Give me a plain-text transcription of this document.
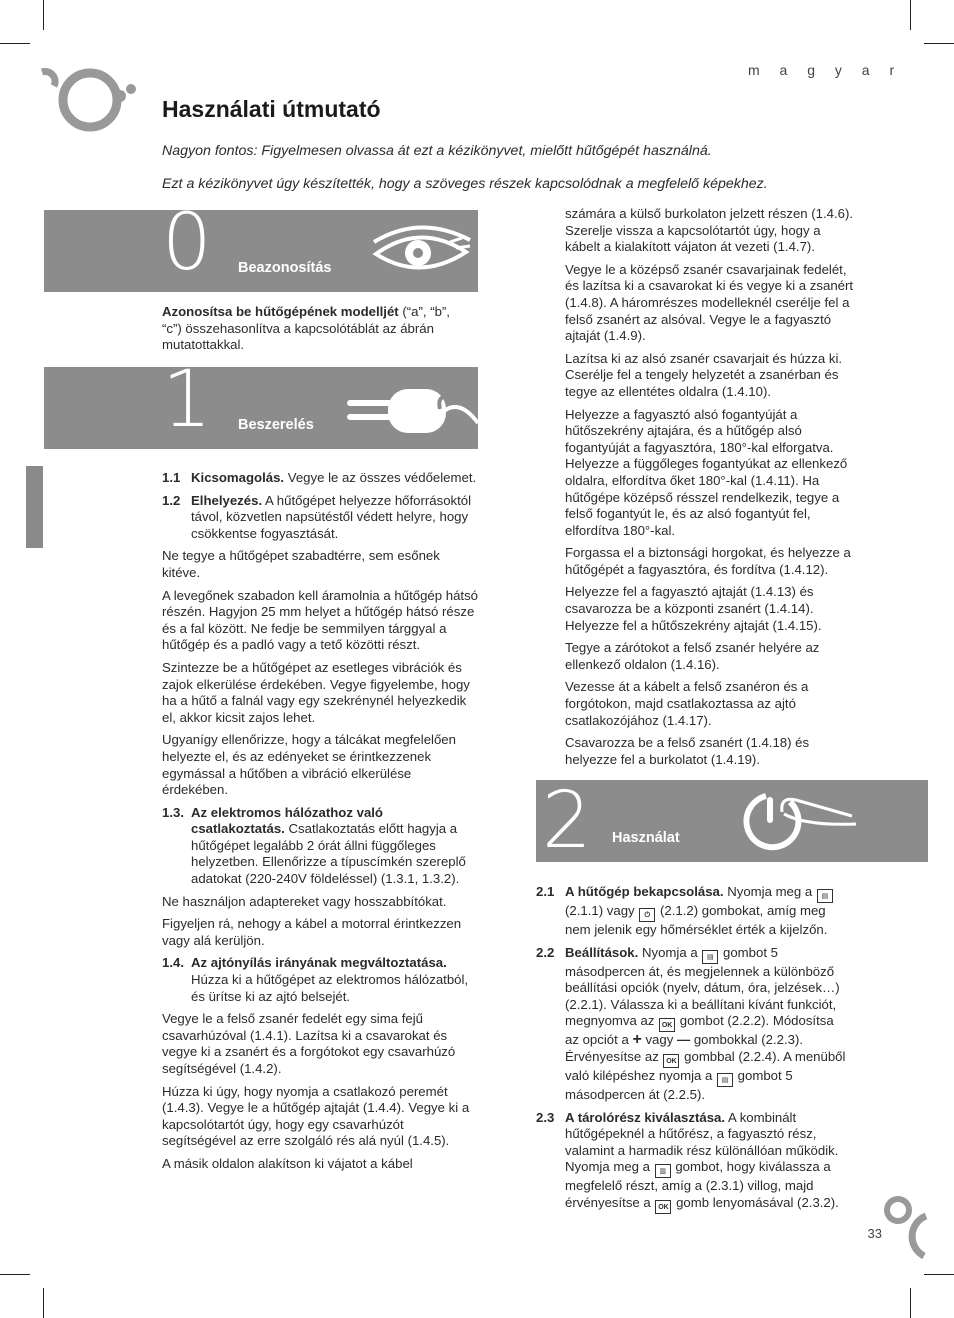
m a g y a r
Használati útmutató

Nagyon fontos: Figyelmesen olvassa át ezt a kézikönyvet, mielőtt hűtőgépét használná.

Ezt a kézikönyvet úgy készítették, hogy a szöveges részek kapcsolódnak a megfelelő képekhez.

0 Beazonosítás
1 Beszerelés
2 Használat

Azonosítsa be hűtőgépének modelljét (“a”, “b”, “c”) összehasonlítva a kapcsolótáblát az ábrán mutatottakkal.

1.1 Kicsomagolás. Vegye le az összes védőelemet.
1.2 Elhelyezés. A hűtőgépet helyezze hőforrásoktól távol, közvetlen napsütéstől védett helyre, hogy csökkentse fogyasztását.

Ne tegye a hűtőgépet szabadtérre, sem esőnek kitéve.

A levegőnek szabadon kell áramolnia a hűtőgép hátsó részén. Hagyjon 25 mm helyet a hűtőgép hátsó része és a fal között. Ne fedje be semmilyen tárggyal a hűtőgép és a padló vagy a tető közötti részt.

Szintezze be a hűtőgépet az esetleges vibrációk és zajok elkerülése érdekében. Vegye figyelembe, hogy ha a hűtő a falnál vagy egy szekrénynél helyezkedik el, akkor kicsit zajos lehet.

Ugyanígy ellenőrizze, hogy a tálcákat megfelelően helyezte el, és az edényeket se érintkezzenek egymással a hűtőben a vibráció elkerülése érdekében.

1.3. Az elektromos hálózathoz való csatlakoztatás. Csatlakoztatás előtt hagyja a hűtőgépet legalább 2 órát állni függőleges helyzetben. Ellenőrizze a típuscímkén szereplő adatokat (220-240V földeléssel) (1.3.1, 1.3.2).

Ne használjon adaptereket vagy hosszabbítókat.

Figyeljen rá, nehogy a kábel a motorral érintkezzen vagy alá kerüljön.

1.4. Az ajtónyílás irányának megváltoztatása. Húzza ki a hűtőgépet az elektromos hálózatból, és ürítse ki az ajtó belsejét.

Vegye le a felső zsanér fedelét egy sima fejű csavarhúzóval (1.4.1). Lazítsa ki a csavarokat és vegye ki a zsanért és a forgótokot egy csavarhúzó segítségével (1.4.2).

Húzza ki úgy, hogy nyomja a csatlakozó peremét (1.4.3). Vegye le a hűtőgép ajtaját (1.4.4). Vegye ki a kapcsolótartót úgy, hogy egy csavarhúzót segítségével az erre szolgáló rés alá nyúl (1.4.5).

A másik oldalon alakítson ki vájatot a kábel

számára a külső burkolaton jelzett részen (1.4.6). Szerelje vissza a kapcsolótartót úgy, hogy a kábelt a kialakított vájaton át vezeti (1.4.7).

Vegye le a középső zsanér csavarjainak fedelét, és lazítsa ki a csavarokat ki és vegye ki a zsanért (1.4.8). A háromrészes modelleknél cserélje fel a felső zsanért az alsóval. Vegye le a fagyasztó ajtaját (1.4.9).

Lazítsa ki az alsó zsanér csavarjait és húzza ki. Cserélje fel a tengely helyzetét a zsanérban és tegye az ellentétes oldalra (1.4.10).

Helyezze a fagyasztó alsó fogantyúját a hűtőszekrény ajtajára, és a hűtőgép alsó fogantyúját a fagyasztóra, 180°-kal elforgatva. Helyezze a függőleges fogantyúkat az ellenkező oldalra, elfordítva őket 180°-kal (1.4.11). Ha hűtőgépe középső résszel rendelkezik, tegye a felső fogantyút le, és az alsó fogantyút fel, elfordítva 180°-kal.

Forgassa el a biztonsági horgokat, és helyezze a hűtőgépét a fagyasztóra, és fordítva (1.4.12).

Helyezze fel a fagyasztó ajtaját (1.4.13) és csavarozza be a központi zsanért (1.4.14). Helyezze fel a hűtőszekrény ajtaját (1.4.15).

Tegye a zárótokot a felső zsanér helyére az ellenkező oldalon (1.4.16).

Vezesse át a kábelt a felső zsanéron és a forgótokon, majd csatlakoztassa az ajtó csatlakozójához (1.4.17).

Csavarozza be a felső zsanért (1.4.18) és helyezze fel a burkolatot (1.4.19).

2.1 A hűtőgép bekapcsolása. Nyomja meg a ▤ (2.1.1) vagy ⏻ (2.1.2) gombokat, amíg meg nem jelenik egy hőmérséklet érték a kijelzőn.
2.2 Beállítások. Nyomja a ▤ gombot 5 másodpercen át, és megjelennek a különböző beállítási opciók (nyelv, dátum, óra, jelzések…) (2.2.1). Válassza ki a beállítani kívánt funkciót, megnyomva az OK gombot (2.2.2). Módosítsa az opciót a + vagy — gombokkal (2.2.3). Érvényesítse az OK gombbal (2.2.4). A menüből való kilépéshez nyomja a ▤ gombot 5 másodpercen át (2.2.5).
2.3 A tárolórész kiválasztása. A kombinált hűtőgépeknél a hűtőrész, a fagyasztó rész, valamint a harmadik rész különállóan működik. Nyomja meg a ▥ gombot, hogy kiválassza a megfelelő részt, amíg a (2.3.1) villog, majd érvényesítse a OK gomb lenyomásával (2.3.2).
33
